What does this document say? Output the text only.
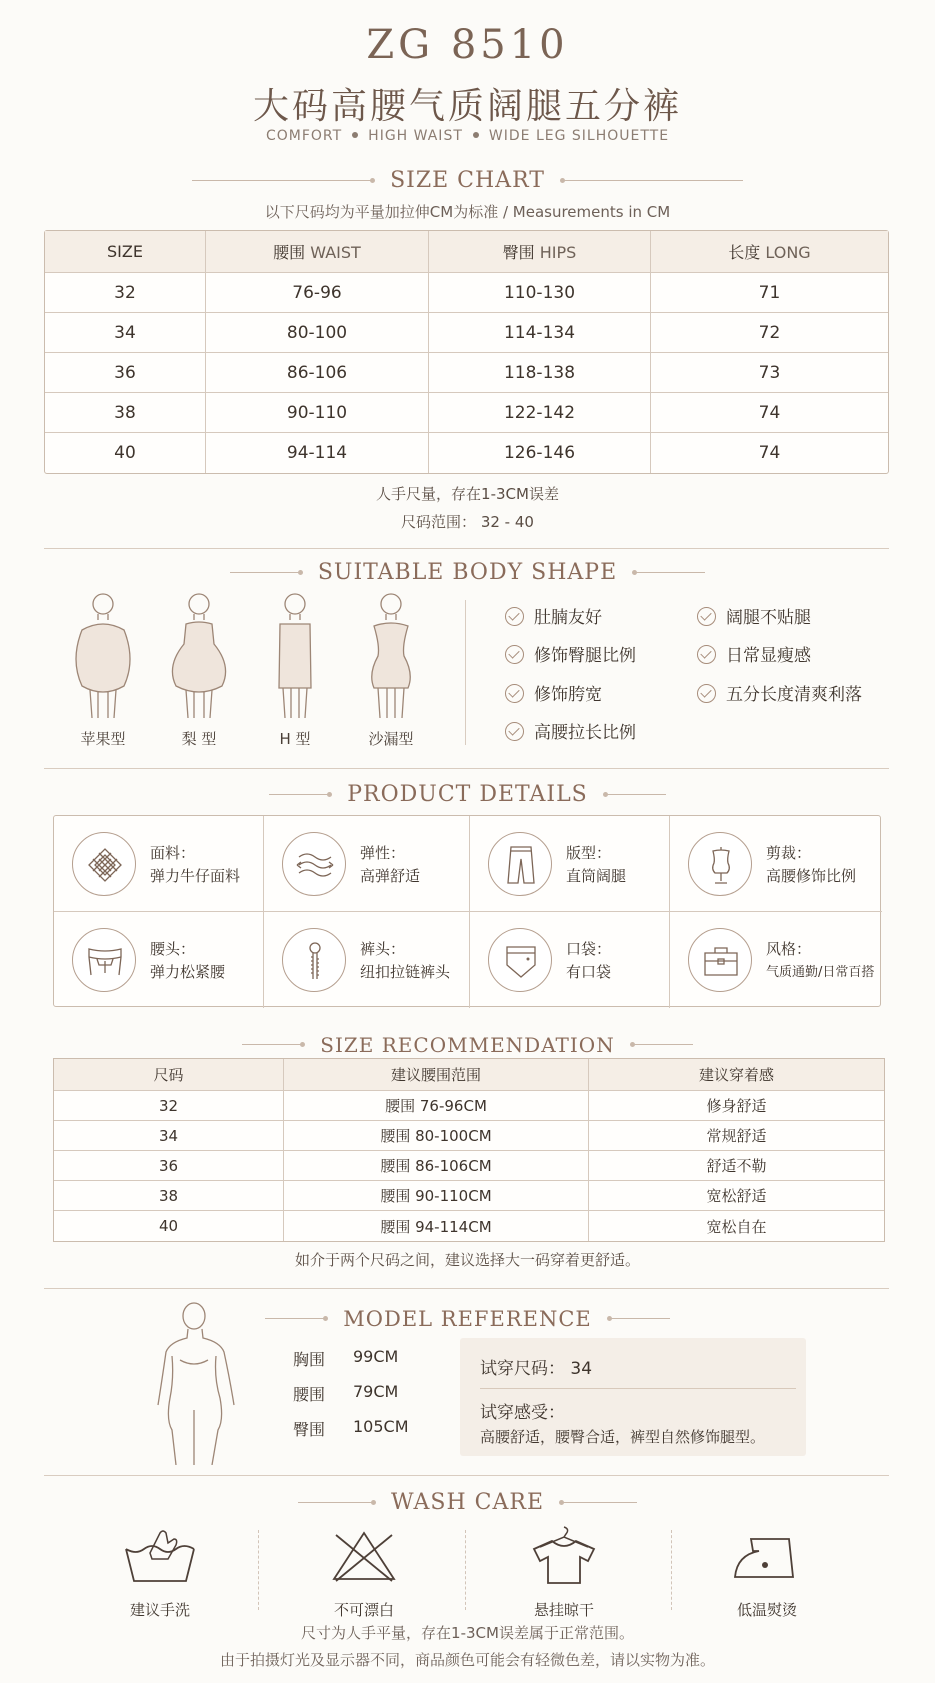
ZG 8510
大码高腰气质阔腿五分裤
COMFORT HIGH WAIST WIDE LEG SILHOUETTE
SIZE CHART
以下尺码均为平量加拉伸CM为标准 / Measurements in CM
SIZE	腰围 WAIST	臀围 HIPS	长度 LONG
32	76-96	110-130	71
34	80-100	114-134	72
36	86-106	118-138	73
38	90-110	122-142	74
40	94-114	126-146	74
人手尺量，存在1-3CM误差
尺码范围： 32 - 40
SUITABLE BODY SHAPE
苹果型	梨 型	H 型	沙漏型
肚腩友好
修饰臀腿比例
修饰胯宽
高腰拉长比例
阔腿不贴腿
日常显瘦感
五分长度清爽利落
PRODUCT DETAILS
面料：
弹力牛仔面料
弹性：
高弹舒适
版型：
直筒阔腿
剪裁：
高腰修饰比例
腰头：
弹力松紧腰
裤头：
纽扣拉链裤头
口袋：
有口袋
风格：
气质通勤/日常百搭
SIZE RECOMMENDATION
尺码	建议腰围范围	建议穿着感
32	腰围 76-96CM	修身舒适
34	腰围 80-100CM	常规舒适
36	腰围 86-106CM	舒适不勒
38	腰围 90-110CM	宽松舒适
40	腰围 94-114CM	宽松自在
如介于两个尺码之间，建议选择大一码穿着更舒适。
MODEL REFERENCE
胸围 99CM
腰围 79CM
臀围 105CM
试穿尺码： 34
试穿感受：
高腰舒适，腰臀合适，裤型自然修饰腿型。
WASH CARE
建议手洗	不可漂白	悬挂晾干	低温熨烫
尺寸为人手平量，存在1-3CM误差属于正常范围。
由于拍摄灯光及显示器不同，商品颜色可能会有轻微色差，请以实物为准。
